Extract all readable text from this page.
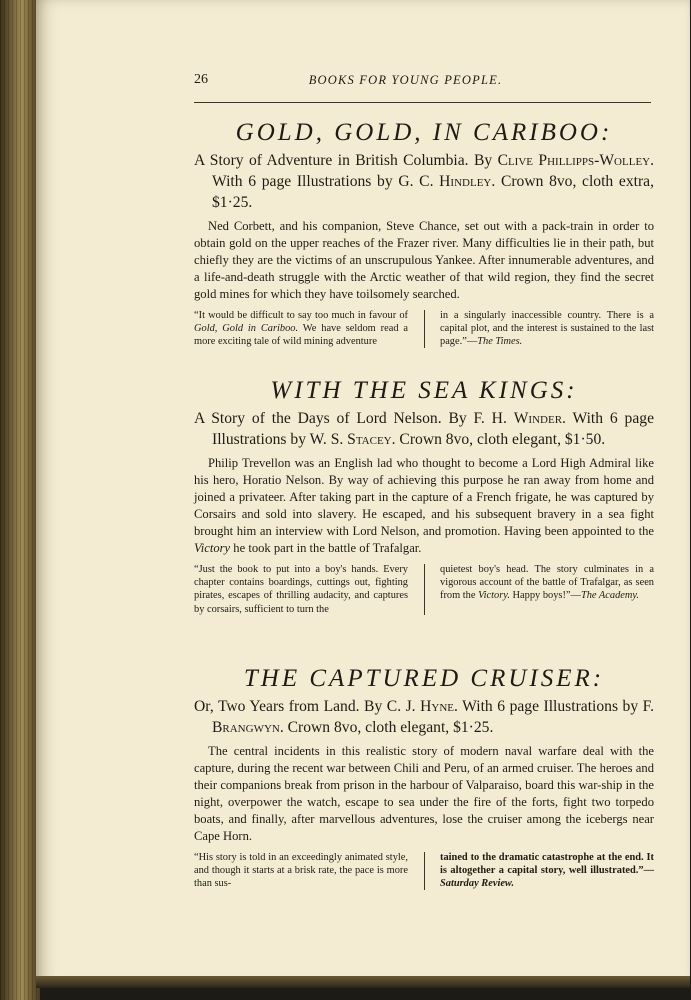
26	BOOKS FOR YOUNG PEOPLE.
GOLD, GOLD, IN CARIBOO:

A Story of Adventure in British Columbia. By Clive Phillipps-Wolley. With 6 page Illustrations by G. C. Hindley. Crown 8vo, cloth extra, $1·25.

Ned Corbett, and his companion, Steve Chance, set out with a pack-train in order to obtain gold on the upper reaches of the Frazer river. Many difficulties lie in their path, but chiefly they are the victims of an unscrupulous Yankee. After innumerable adventures, and a life-and-death struggle with the Arctic weather of that wild region, they find the secret gold mines for which they have toilsomely searched.

“It would be difficult to say too much in favour of Gold, Gold in Cariboo. We have seldom read a more exciting tale of wild mining adventure
in a singularly inaccessible country. There is a capital plot, and the interest is sustained to the last page.”—The Times.
WITH THE SEA KINGS:

A Story of the Days of Lord Nelson. By F. H. Winder. With 6 page Illustrations by W. S. Stacey. Crown 8vo, cloth elegant, $1·50.

Philip Trevellon was an English lad who thought to become a Lord High Admiral like his hero, Horatio Nelson. By way of achieving this purpose he ran away from home and joined a privateer. After taking part in the capture of a French frigate, he was captured by Corsairs and sold into slavery. He escaped, and his subsequent bravery in a sea fight brought him an interview with Lord Nelson, and promotion. Having been appointed to the Victory he took part in the battle of Trafalgar.

“Just the book to put into a boy's hands. Every chapter contains boardings, cuttings out, fighting pirates, escapes of thrilling audacity, and captures by corsairs, sufficient to turn the
quietest boy's head. The story culminates in a vigorous account of the battle of Trafalgar, as seen from the Victory. Happy boys!”—The Academy.
THE CAPTURED CRUISER:

Or, Two Years from Land. By C. J. Hyne. With 6 page Illustrations by F. Brangwyn. Crown 8vo, cloth elegant, $1·25.

The central incidents in this realistic story of modern naval warfare deal with the capture, during the recent war between Chili and Peru, of an armed cruiser. The heroes and their companions break from prison in the harbour of Valparaiso, board this war-ship in the night, overpower the watch, escape to sea under the fire of the forts, fight two torpedo boats, and finally, after marvellous adventures, lose the cruiser among the icebergs near Cape Horn.

“His story is told in an exceedingly animated style, and though it starts at a brisk rate, the pace is more than sus-
tained to the dramatic catastrophe at the end. It is altogether a capital story, well illustrated.”—Saturday Review.
